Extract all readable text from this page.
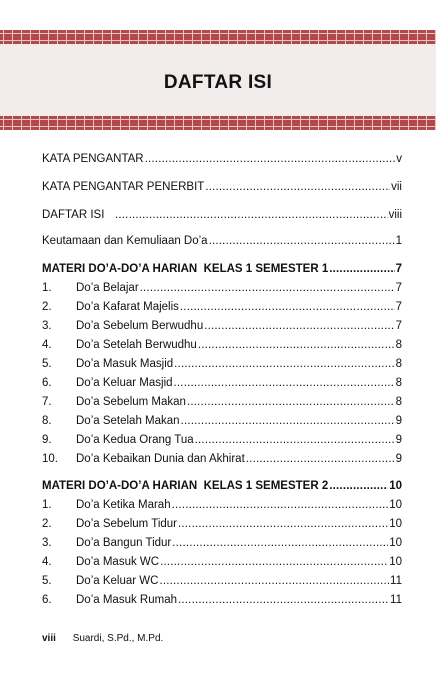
DAFTAR ISI
KATA PENGANTAR .....	v
KATA PENGANTAR PENERBIT .....	vii
DAFTAR ISI .....	viii
Keutamaan dan Kemuliaan Do’a .....	1
MATERI DO’A-DO’A HARIAN  KELAS 1 SEMESTER 1 .....	7
1.	Do’a Belajar .....	7
2.	Do’a Kafarat Majelis .....	7
3.	Do’a Sebelum Berwudhu .....	7
4.	Do’a Setelah Berwudhu .....	8
5.	Do’a Masuk Masjid .....	8
6.	Do’a Keluar Masjid .....	8
7.	Do’a Sebelum Makan .....	8
8.	Do’a Setelah Makan .....	9
9.	Do’a Kedua Orang Tua .....	9
10.	Do’a Kebaikan Dunia dan Akhirat .....	9
MATERI DO’A-DO’A HARIAN  KELAS 1 SEMESTER 2 .....	10
1.	Do’a Ketika Marah .....	10
2.	Do’a Sebelum Tidur .....	10
3.	Do’a Bangun Tidur .....	10
4.	Do’a Masuk WC .....	10
5.	Do’a Keluar WC .....	11
6.	Do’a Masuk Rumah .....	11
viii Suardi, S.Pd., M.Pd.
